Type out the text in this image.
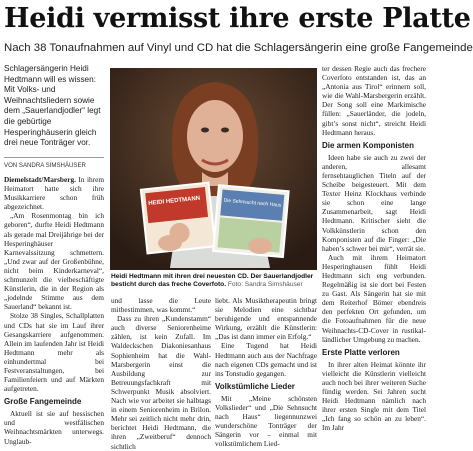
Heidi vermisst ihre erste Platte

Nach 38 Tonaufnahmen auf Vinyl und CD hat die Schlagersängerin eine große Fangemeinde

Schlagersängerin Heidi Hedtmann will es wissen: Mit Volks- und Weihnachtsliedern sowie dem „Sauerlandjodler“ legt die gebürtige Hesperinghäuserin gleich drei neue Tonträger vor.
VON SANDRA SIMSHÄUSER

Diemelstadt/Marsberg. In ihrem Heimatort hatte sich ihre Musikkarriere schon früh abgezeichnet.

„Am Rosenmontag bin ich geboren“, durfte Heidi Hedtmann als gerade mal Dreijährige bei der Hesperinghäuser Karnevalssitzung schmettern. „Und zwar auf der Großenbühne, nicht beim Kinderkarneval“, schmunzelt die vielbeschäftigte Künstlerin, die in der Region als „jodelnde Stimme aus dem Sauerland“ bekannt ist.

Stolze 38 Singles, Schallplatten und CDs hat sie im Lauf ihrer Gesangskarriere aufgenommen. Allein im laufenden Jahr ist Heidi Hedtmann mehr als einhundertmal bei Festveranstaltungen, bei Familienfeiern und auf Märkten aufgetreten.

Große Fangemeinde

Aktuell ist sie auf hessischen und westfälischen Weihnachtsmärkten unterwegs. Unglaub-

HEIDI HEDTMANN	Die Sehnsucht nach Haus
Heidi Hedtmann mit ihren drei neuesten CD. Der Sauerlandjodler besticht durch das freche Coverfoto. Foto: Sandra Simshäuser

und lasse die Leute mitbestimmen, was kommt.“

Dass zu ihren „Kundenstamm“ auch diverse Seniorenheime zählen, ist kein Zufall. Im Waldeckschen Diakoniesanhaus Sophienheim hat die Wahl-Marsbergerin einst die Ausbildung zur Betreuungsfachkraft mit Schwerpunkt Musik absolviert. Nach wie vor arbeitet sie halbtags in einem Seniorenheim in Brilon. Mehr sei zeitlich nicht mehr drin, berichtet Heidi Hedtmann, die ihren „Zweitberuf“ dennoch sichtlich

liebt. Als Musiktherapeutin bringt sie Melodien eine sichtbar beruhigende und entspannende Wirkung, erzählt die Künstlerin: „Das ist dann immer ein Erfolg.“

Eine Tugend hat Heidi Hedtmann auch aus der Nachfrage nach eigenen CDs gemacht und ist ins Tonstudio gegangen.

Volkstümliche Lieder

Mit „Meine schönsten Volkslieder“ und „Die Sehnsucht nach Haus“ liegennunzwei wunderschöne Tonträger der Sängerin vor – einmal mit volkstümlichem Lied-

ter dessen Regie auch das frechere Coverfoto entstanden ist, das an „Antonia aus Tirol“ erinnern soll, wie die Wahl-Marsbergerin erzählt. Der Song soll eine Markimische füllen: „Sauerländer, die jodeln, gibt’s sonst nicht“, streicht Heidi Hedtmann heraus.

Die armen Komponisten

Ideen habe sie auch zu zwei der anderen, allesamt fernsehtauglichen Titeln auf der Scheibe beigesteuert. Mit dem Texter Heinz Klockhaus verbinde sie schon eine lange Zusammenarbeit, sagt Heidi Hedtmann. Kritischer sieht die Volkkünstlerin schon den Komponisten auf die Finger: „Die haben’s schwer bei mir“, verrät sie.

Auch mit ihrem Heimatort Hesperinghausen fühlt Heidi Hedtmann sich eng verbunden. Regelmäßig ist sie dort bei Festen zu Gast. Als Sängerin hat sie mit dem Reiterhof Bömer ebendreis den perfekten Ort gefunden, um die Fotoaufnahmen für die neue Weihnachts-CD-Cover in rustikal-ländlicher Umgebung zu machen.

Erste Platte verloren

In ihrer alten Heimat könnte ihr vielleicht die Künstlerin vielleicht auch noch bei ihrer weiteren Suche fündig werden. Sei Jahren sucht Heidi Hedtmann nämlich nach ihrer ersten Single mit dem Titel „Ich fang so schön an zu leben“. Im Jahr
